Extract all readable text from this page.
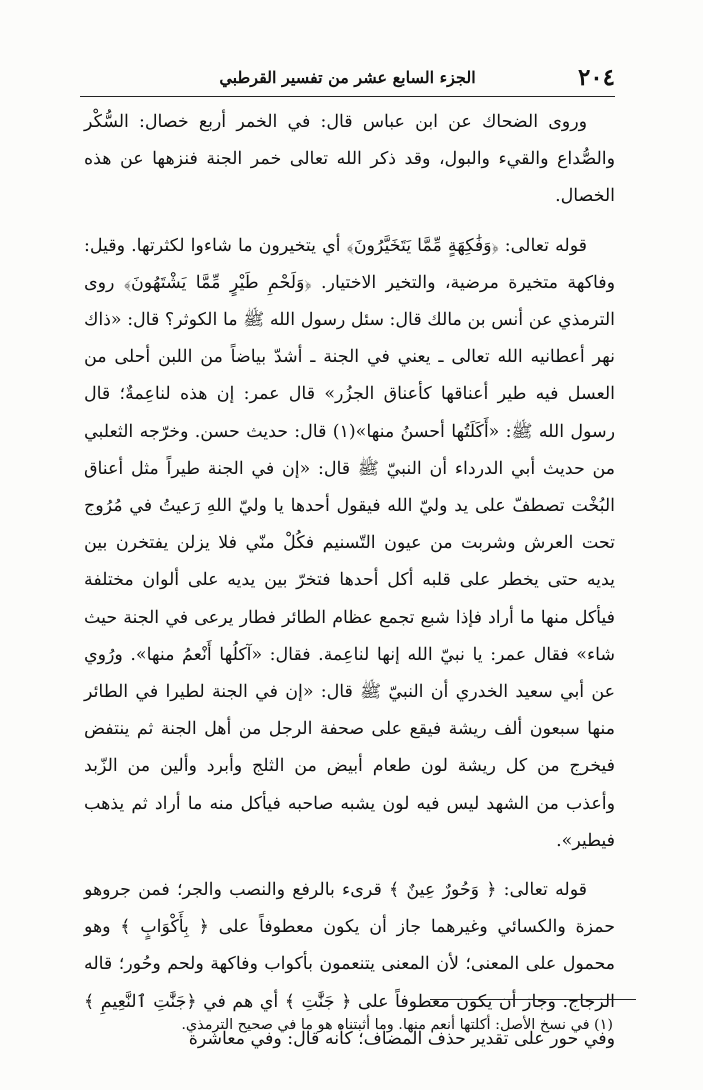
٢٠٤
الجزء السابع عشر من تفسير القرطبي

وروى الضحاك عن ابن عباس قال: في الخمر أربع خصال: السُّكْر والصُّداع والقيء والبول، وقد ذكر الله تعالى خمر الجنة فنزهها عن هذه الخصال.

قوله تعالى: ﴿وَفَٰكِهَةٍ مِّمَّا يَتَخَيَّرُونَ﴾ أي يتخيرون ما شاءوا لكثرتها. وقيل: وفاكهة متخيرة مرضية، والتخير الاختيار. ﴿وَلَحْمِ طَيْرٍ مِّمَّا يَشْتَهُونَ﴾ روى الترمذي عن أنس بن مالك قال: سئل رسول الله ﷺ ما الكوثر؟ قال: «ذاك نهر أعطانيه الله تعالى ـ يعني في الجنة ـ أشدّ بياضاً من اللبن أحلى من العسل فيه طير أعناقها كأعناق الجزُر» قال عمر: إن هذه لناعِمةٌ؛ قال رسول الله ﷺ: «أَكَلَتُها أحسنُ منها»(١) قال: حديث حسن. وخرّجه الثعلبي من حديث أبي الدرداء أن النبيّ ﷺ قال: «إن في الجنة طيراً مثل أعناق البُخْت تصطفّ على يد وليّ الله فيقول أحدها يا وليّ اللهِ رَعيتُ في مُرُوج تحت العرش وشربت من عيون التّسنيم فكُلْ منّي فلا يزلن يفتخرن بين يديه حتى يخطر على قلبه أكل أحدها فتخرّ بين يديه على ألوان مختلفة فيأكل منها ما أراد فإذا شبع تجمع عظام الطائر فطار يرعى في الجنة حيث شاء» فقال عمر: يا نبيّ الله إنها لناعِمة. فقال: «آكلُها أَنْعمُ منها». ورُوي عن أبي سعيد الخدري أن النبيّ ﷺ قال: «إن في الجنة لطيرا في الطائر منها سبعون ألف ريشة فيقع على صحفة الرجل من أهل الجنة ثم ينتفض فيخرج من كل ريشة لون طعام أبيض من الثلج وأبرد وألين من الزّبد وأعذب من الشهد ليس فيه لون يشبه صاحبه فيأكل منه ما أراد ثم يذهب فيطير».

قوله تعالى: ﴿ وَحُورٌ عِينٌ ﴾ قرىء بالرفع والنصب والجر؛ فمن جروهو حمزة والكسائي وغيرهما جاز أن يكون معطوفاً على ﴿ بِأَكْوَابٍ ﴾ وهو محمول على المعنى؛ لأن المعنى يتنعمون بأكواب وفاكهة ولحم وحُور؛ قاله الزجاج. وجاز أن يكون معطوفاً على ﴿ جَنَّٰتِ ﴾ أي هم في ﴿جَنَّٰتِ ٱلنَّعِيمِ ﴾ وفي حور على تقدير حذف المضاف؛ كأنه قال: وفي معاشرة

(١) في نسخ الأصل: أكلتها أنعم منها. وما أثبتناه هو ما في صحيح الترمذي.
